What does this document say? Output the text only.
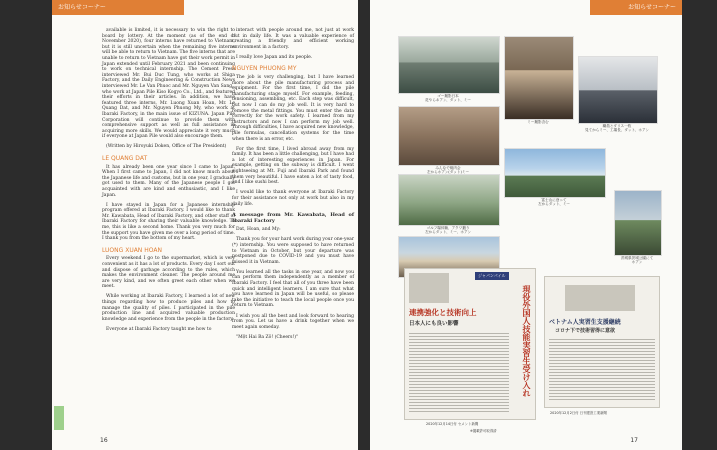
お知らせコーナー

available is limited, it is necessary to win the right to board by lottery. At the moment (as of the end of November 2020), four interns have returned to Vietnam, but it is still uncertain when the remaining five interns will be able to return to Vietnam. The five interns that are unable to return to Vietnam have got their work permit in Japan extended until February 2021 and been continuing to work on technical internship. The Cement Press interviewed Mr. Bui Duc Tung, who works at Shiga Factory, and the Daily Engineering & Construction News interviewed Mr. Le Van Phuoc and Mr. Nguyen Van Sang., who work at Japan Pile Kiso Kogyo Co., Ltd., and featured their efforts in their articles. In addition, we have featured three interns, Mr. Luong Xuan Hoan, Mr. Le Quang Dat, and Mr. Nguyen Phuong My, who work at Ibaraki Factory, in the main issue of KIZUNA. Japan Pile Corporation will continue to provide them with comprehensive support as well as full assistance in acquiring more skills. We would appreciate it very much if everyone at Japan Pile would also encourage them.

(Written by Hiroyuki Doken, Office of The President)

LE QUANG DAT

It has already been one year since I came to Japan. When I first came to Japan, I did not know much about the Japanese life and customs, but in one year, I gradually got used to them. Many of the Japanese people I got acquainted with are kind and enthusiastic, and I like Japan.

I have stayed in Japan for a Japanese internship program offered at Ibaraki Factory. I would like to thank Mr. Kawabata, Head of Ibaraki Factory, and other staff of Ibaraki Factory for sharing their valuable knowledge. To me, this is like a second home. Thank you very much for the support you have given me over a long period of time. I thank you from the bottom of my heart.

LUONG XUAN HOAN

Every weekend I go to the supermarket, which is very convenient as it has a lot of products. Every day I sort out and dispose of garbage according to the rules, which makes the environment cleaner. The people around me are very kind, and we often greet each other when we meet.

While working at Ibaraki Factory, I learned a lot of new things regarding how to produce piles and how to manage the quality of piles. I participated in the pile production line and acquired valuable production knowledge and experience from the people in the factory.

Everyone at Ibaraki Factory taught me how to

interact with people around me, not just at work but in daily life. It was a valuable experience of creating a friendly and efficient working environment in a factory.

I really love Japan and its people.

NGUYEN PHUONG MY

The job is very challenging, but I have learned more about the pile manufacturing process and equipment. For the first time, I did the pile manufacturing stage myself. For example, feeding, tensioning, assembling, etc. Each step was difficult, but now I can do my job well. It is very hard to remove the metal fittings. You must enter the data correctly for the work safety. I learned from my instructors and now I can perform my job well. Through difficulties, I have acquired new knowledge, pile formulas, cancellation systems for the time when there is an error, etc.

For the first time, I lived abroad away from my family. It has been a little challenging, but I have had a lot of interesting experiences in Japan. For example, getting on the subway is difficult. I went sightseeing at Mt. Fuji and Ibaraki Park and found them very beautiful. I have eaten a lot of tasty food, and I like sushi best.

I would like to thank everyone at Ibaraki Factory for their assistance not only at work but also in my daily life.

A message from Mr. Kawabata, Head of Ibaraki Factory

Dat, Hoan, and My:

Thank you for your hard work during your one-year (*) internship. You were supposed to have returned to Vietnam in October, but your departure was postponed due to COVID-19 and you must have missed it in Vietnam.

You learned all the tasks in one year, and now you can perform them independently as a member of Ibaraki Factory. I feel that all of you three have been quick and intelligent learners. I am sure that what you have learned in Japan will be useful, so please take the initiative to teach the local people once you return to Vietnam.

I wish you all the best and look forward to hearing from you. Let us have a drink together when we meet again someday.

"Một Hai Ba Zô! (Cheers!)"

16
お知らせコーナー
ゴー撮影日本
花やらネアン、ダット、ミー
ミー撮影含む
職員とダリス一枚
見てからミー、工場長、ダット、ホアン
みんなで焼肉会
左からホアン(ダット)ミー
富士山に登って
左からダット、ミー
ゴルフ場体験、アクワ鍛り
左からダット、ミー、ホアン
茨城県茨城公園にて
ホアン
ジャパンパイル
連携強化と技術向上
日本人にも良い影響	現役外国人技能実習生受け入れ
2020年12月14日付 セメント新聞
ベトナム人実習生支援継続
コロナ下で技術習得に意欲
2020年12月2日付 日刊建設工業新聞
※掲載許可取得済
17
